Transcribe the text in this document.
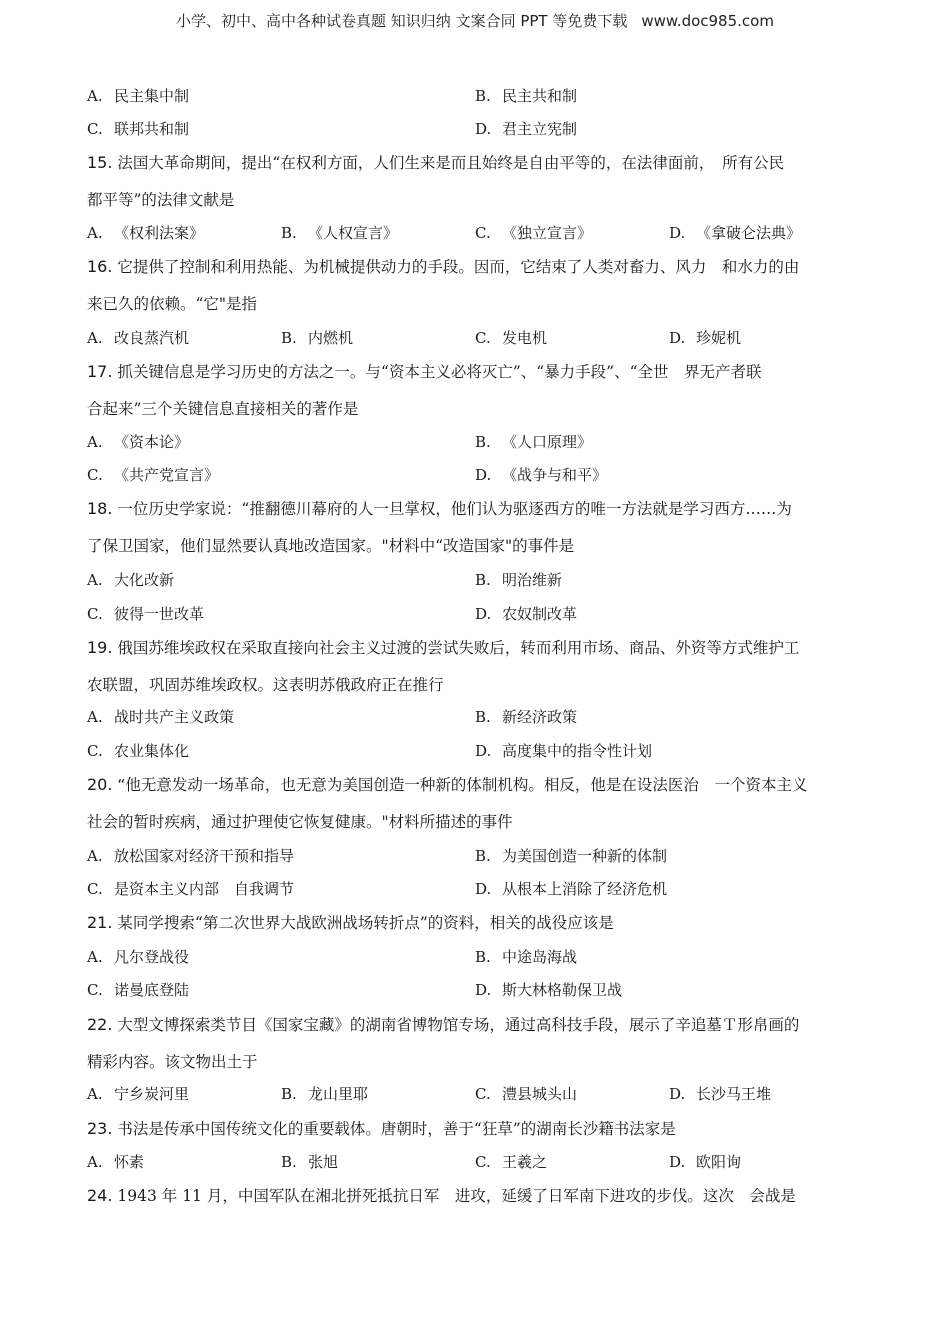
小学、初中、高中各种试卷真题 知识归纳 文案合同 PPT 等免费下载 www.doc985.com
A. 民主集中制	B. 民主共和制
C. 联邦共和制	D. 君主立宪制
15. 法国大革命期间，提出“在权利方面，人们生来是而且始终是自由平等的，在法律面前，　所有公民
都平等”的法律文献是
A. 《权利法案》	B. 《人权宣言》	C. 《独立宣言》	D. 《拿破仑法典》
16. 它提供了控制和利用热能、为机械提供动力的手段。因而，它结束了人类对畜力、风力　和水力的由
来已久的依赖。“它"是指
A. 改良蒸汽机	B. 内燃机	C. 发电机	D. 珍妮机
17. 抓关键信息是学习历史的方法之一。与“资本主义必将灭亡”、“暴力手段”、“全世　界无产者联
合起来”三个关键信息直接相关的著作是
A. 《资本论》	B. 《人口原理》
C. 《共产党宣言》	D. 《战争与和平》
18. 一位历史学家说：“推翻德川幕府的人一旦掌权，他们认为驱逐西方的唯一方法就是学习西方……为
了保卫国家，他们显然要认真地改造国家。"材料中“改造国家"的事件是
A. 大化改新	B. 明治维新
C. 彼得一世改革	D. 农奴制改革
19. 俄国苏维埃政权在采取直接向社会主义过渡的尝试失败后，转而利用市场、商品、外资等方式维护工
农联盟，巩固苏维埃政权。这表明苏俄政府正在推行
A. 战时共产主义政策	B. 新经济政策
C. 农业集体化	D. 高度集中的指令性计划
20. “他无意发动一场革命，也无意为美国创造一种新的体制机构。相反，他是在设法医治　 一个资本主义
社会的暂时疾病，通过护理使它恢复健康。"材料所描述的事件
A. 放松国家对经济干预和指导	B. 为美国创造一种新的体制
C. 是资本主义内部　自我调节	D. 从根本上消除了经济危机
21. 某同学搜索“第二次世界大战欧洲战场转折点”的资料，相关的战役应该是
A. 凡尔登战役	B. 中途岛海战
C. 诺曼底登陆	D. 斯大林格勒保卫战
22. 大型文博探索类节目《国家宝藏》的湖南省博物馆专场，通过高科技手段，展示了辛追墓Ｔ形帛画的
精彩内容。该文物出土于
A. 宁乡炭河里	B. 龙山里耶	C. 澧县城头山	D. 长沙马王堆
23. 书法是传承中国传统文化的重要载体。唐朝时，善于“狂草”的湖南长沙籍书法家是
A. 怀素	B. 张旭	C. 王羲之	D. 欧阳询
24. 1943 年 11 月，中国军队在湘北拼死抵抗日军　进攻，延缓了日军南下进攻的步伐。这次　会战是
